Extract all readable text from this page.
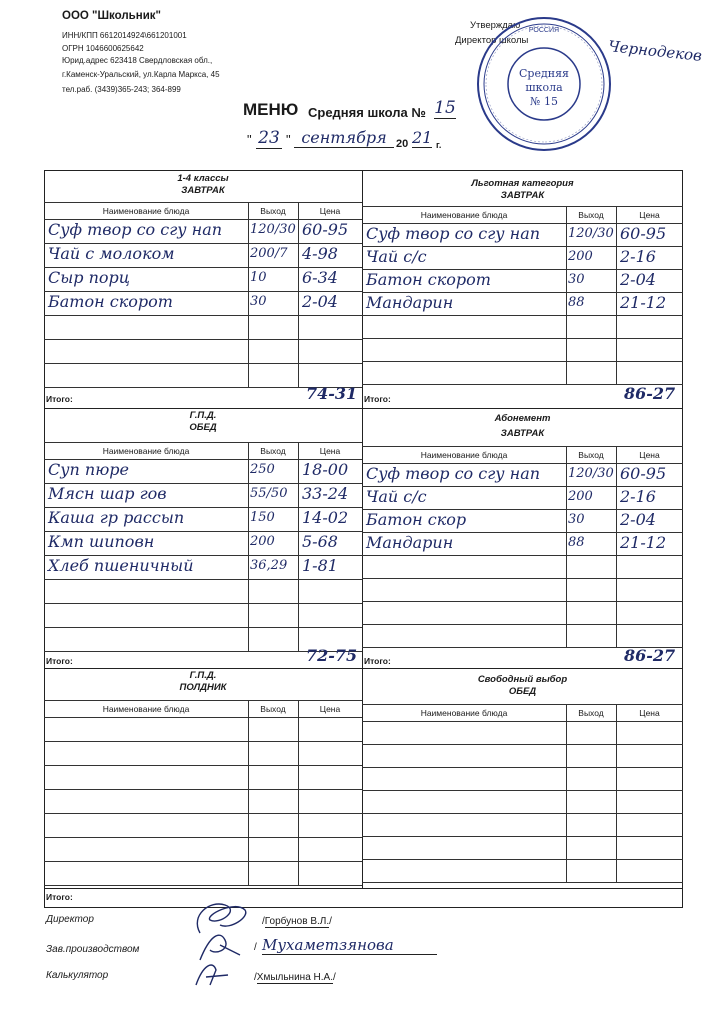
ООО "Школьник"
ИНН/КПП 6612014924\661201001
ОГРН 1046600625642
Юрид.адрес 623418 Свердловская обл.,
г.Каменск-Уральский, ул.Карла Маркса, 45
тел.раб. (3439)365-243; 364-899
Утверждаю
Директор школы	Чернодеков
РОССИЯ
Средняя
школа
№ 15
МЕНЮ Средняя школа № 15
" 23 " сентября 20 21 г.
1-4 классы
ЗАВТРАК
Наименование блюда	Выход	Цена
Суф твор со сгу нап 120/30 60-95
Чай с молоком	200/7 4-98
Сыр порц	10 6-34
Батон скорот	30 2-04
Итого:	74-31
Льготная категория
ЗАВТРАК
Наименование блюда	Выход	Цена
Суф твор со сгу нап 120/30 60-95
Чай с/с	200 2-16
Батон скорот	30 2-04
Мандарин	88 21-12
Итого:	86-27
Г.П.Д.
ОБЕД
Наименование блюда	Выход	Цена
Суп пюре	250 18-00
Мясн шар гов	55/50 33-24
Каша гр рассып	150 14-02
Кмп шиповн	200 5-68
Хлеб пшеничный	36,29 1-81
Итого:	72-75
Абонемент
ЗАВТРАК
Наименование блюда	Выход	Цена
Суф твор со сгу нап 120/30 60-95
Чай с/с	200 2-16
Батон скор	30 2-04
Мандарин	88 21-12
Итого:	86-27
Г.П.Д.
ПОЛДНИК
Наименование блюда	Выход	Цена
Итого:
Свободный выбор
ОБЕД
Наименование блюда	Выход	Цена
Директор	/Горбунов В.Л./
Зав.производством	/ Мухаметзянова
Калькулятор	/Хмыльнина Н.А./
